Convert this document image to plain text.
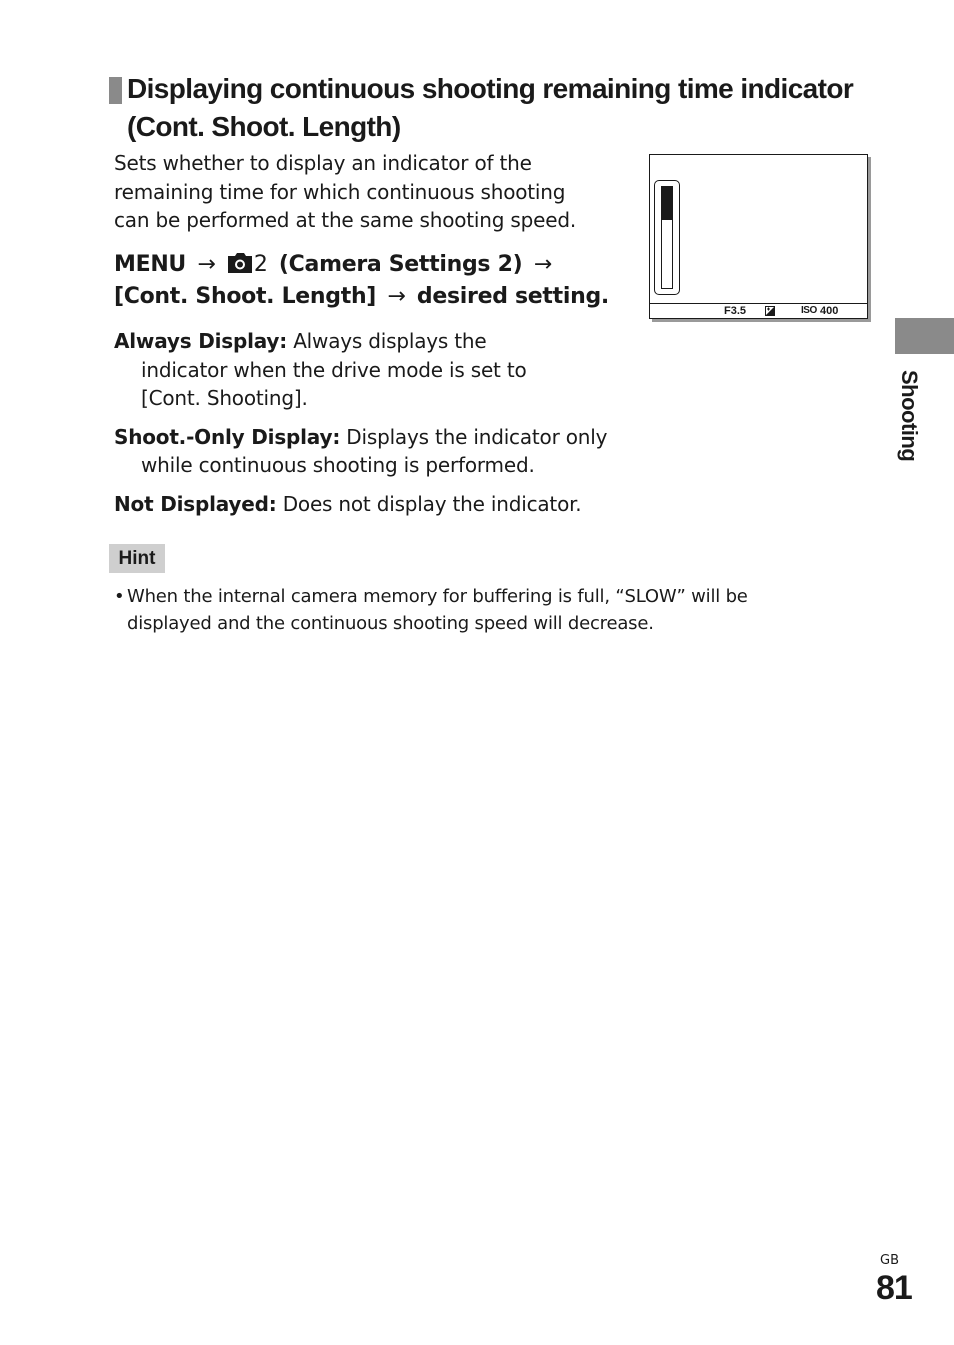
Displaying continuous shooting remaining time indicator
(Cont. Shoot. Length)

Sets whether to display an indicator of the
remaining time for which continuous shooting
can be performed at the same shooting speed.

MENU → 2 (Camera Settings 2) →
[Cont. Shoot. Length] → desired setting.
Always Display: Always displays the
indicator when the drive mode is set to
[Cont. Shooting].
Shoot.-Only Display: Displays the indicator only
while continuous shooting is performed.
Not Displayed: Does not display the indicator.
F3.5	ISO 400
Shooting
Hint
• When the internal camera memory for buffering is full, “SLOW” will be
displayed and the continuous shooting speed will decrease.
GB
81
